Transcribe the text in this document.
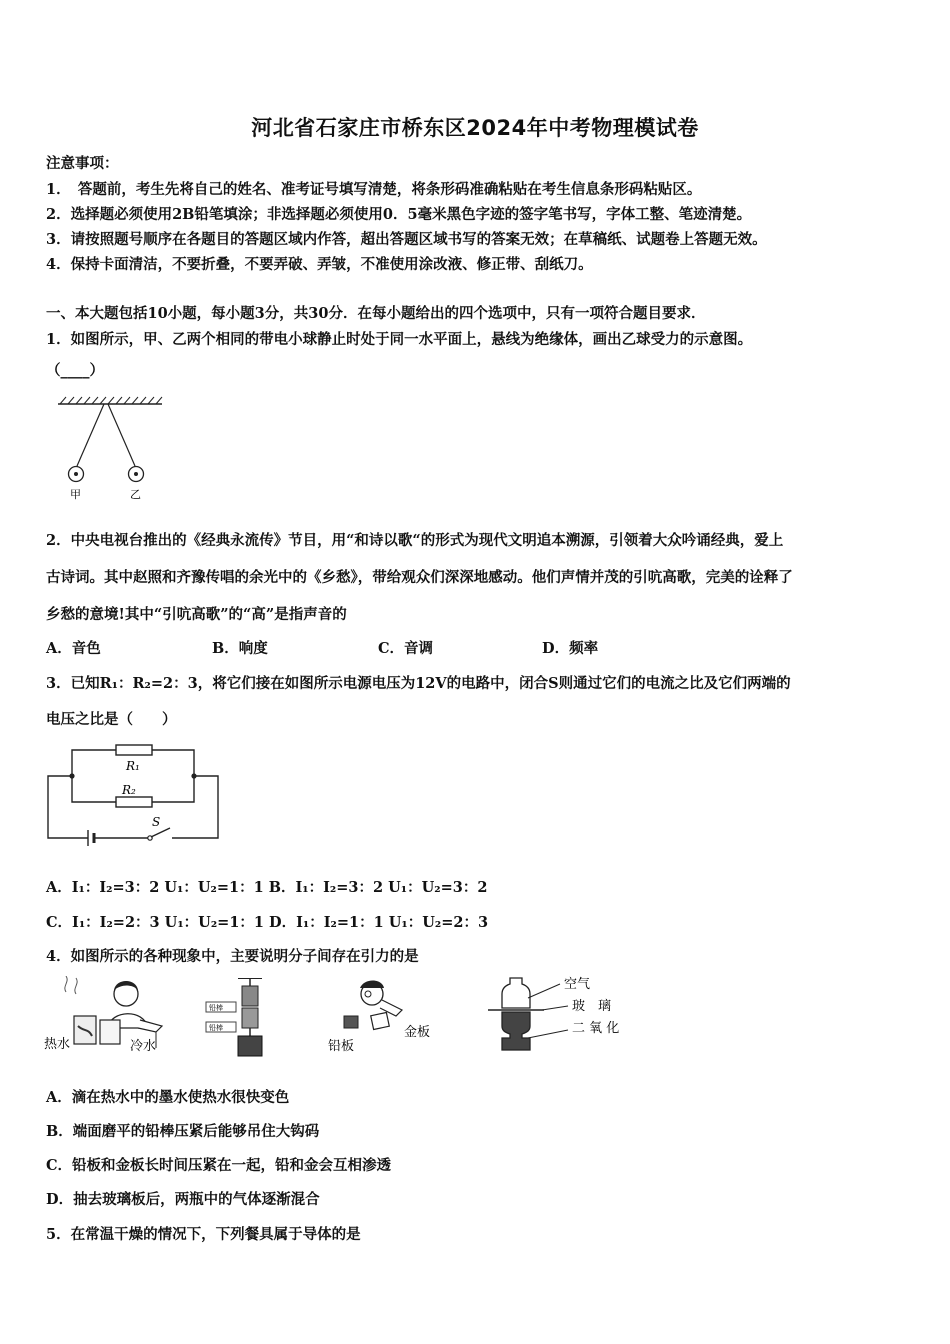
河北省石家庄市桥东区2024年中考物理模试卷
注意事项：
1．　答题前，考生先将自己的姓名、准考证号填写清楚，将条形码准确粘贴在考生信息条形码粘贴区。
2．选择题必须使用2B铅笔填涂；非选择题必须使用0．5毫米黑色字迹的签字笔书写，字体工整、笔迹清楚。
3．请按照题号顺序在各题目的答题区域内作答，超出答题区域书写的答案无效；在草稿纸、试题卷上答题无效。
4．保持卡面清洁，不要折叠，不要弄破、弄皱，不准使用涂改液、修正带、刮纸刀。
一、本大题包括10小题，每小题3分，共30分．在每小题给出的四个选项中，只有一项符合题目要求．
1．如图所示，甲、乙两个相同的带电小球静止时处于同一水平面上，悬线为绝缘体，画出乙球受力的示意图。
（____）
甲	乙
2．中央电视台推出的《经典永流传》节目，用“和诗以歌“的形式为现代文明追本溯源，引领着大众吟诵经典，爱上
古诗词。其中赵照和齐豫传唱的余光中的《乡愁》，带给观众们深深地感动。他们声情并茂的引吭高歌，完美的诠释了
乡愁的意境!其中“引吭高歌”的“高”是指声音的
A．音色	B．响度	C．音调	D．频率
3．已知R₁：R₂=2：3，将它们接在如图所示电源电压为12V的电路中，闭合S则通过它们的电流之比及它们两端的
电压之比是（　　）
R₁
R₂
S
A．I₁：I₂=3：2 U₁：U₂=1：1 B．I₁：I₂=3：2 U₁：U₂=3：2
C．I₁：I₂=2：3 U₁：U₂=1：1 D．I₁：I₂=1：1 U₁：U₂=2：3
4．如图所示的各种现象中，主要说明分子间存在引力的是
热水	冷水
铅棒
铅棒
铅板
金板
空气
玻　璃
二 氧 化
A．滴在热水中的墨水使热水很快变色
B．端面磨平的铅棒压紧后能够吊住大钩码
C．铅板和金板长时间压紧在一起，铅和金会互相渗透
D．抽去玻璃板后，两瓶中的气体逐渐混合
5．在常温干燥的情况下，下列餐具属于导体的是
